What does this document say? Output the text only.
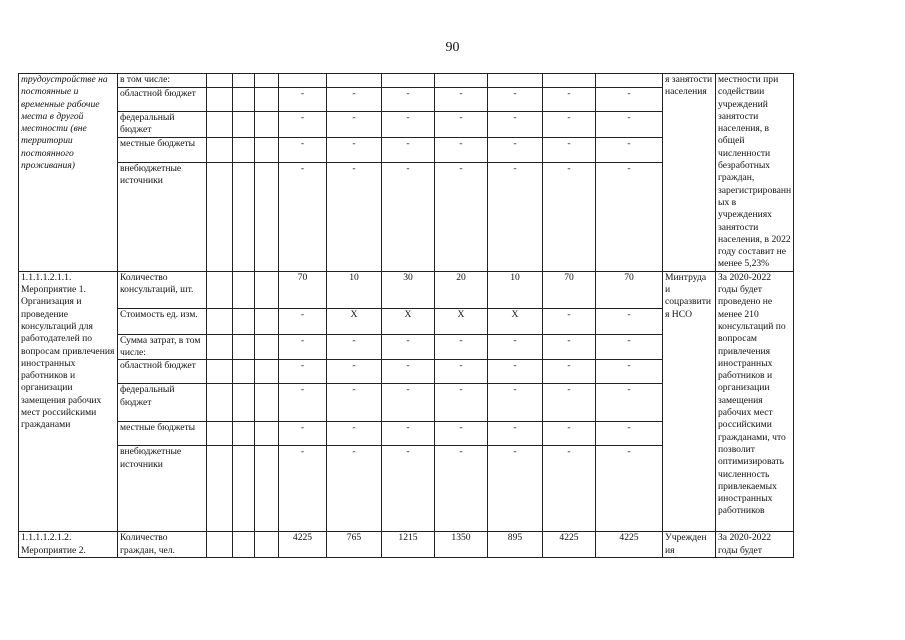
90
трудоустройстве на постоянные и временные рабочие места в другой местности (вне территории постоянного проживания)	в том числе:											я занятости населения	местности при содействии учреждений занятости населения, в общей численности безработных граждан, зарегистрированн ых в учреждениях занятости населения, в 2022 году составит не менее 5,23%
	областной бюджет				-	-	-	-	-	-	-		
	федеральный бюджет				-	-	-	-	-	-	-		
	местные бюджеты				-	-	-	-	-	-	-		
	внебюджетные источники				-	-	-	-	-	-	-		
1.1.1.1.2.1.1. Мероприятие 1. Организация и проведение консультаций для работодателей по вопросам привлечения иностранных работников и организации замещения рабочих мест российскими гражданами	Количество консультаций, шт.				70	10	30	20	10	70	70	Минтруда и соцразвити я НСО	За 2020-2022 годы будет проведено не менее 210 консультаций по вопросам привлечения иностранных работников и организации замещения рабочих мест российскими гражданами, что позволит оптимизировать численность привлекаемых иностранных работников
	Стоимость ед. изм.				-	X	X	X	X	-	-		
	Сумма затрат, в том числе:				-	-	-	-	-	-	-		
	областной бюджет				-	-	-	-	-	-	-		
	федеральный бюджет				-	-	-	-	-	-	-		
	местные бюджеты				-	-	-	-	-	-	-		
	внебюджетные источники				-	-	-	-	-	-	-		
1.1.1.1.2.1.2. Мероприятие 2.	Количество граждан, чел.				4225	765	1215	1350	895	4225	4225	Учрежден ия	За 2020-2022 годы будет
